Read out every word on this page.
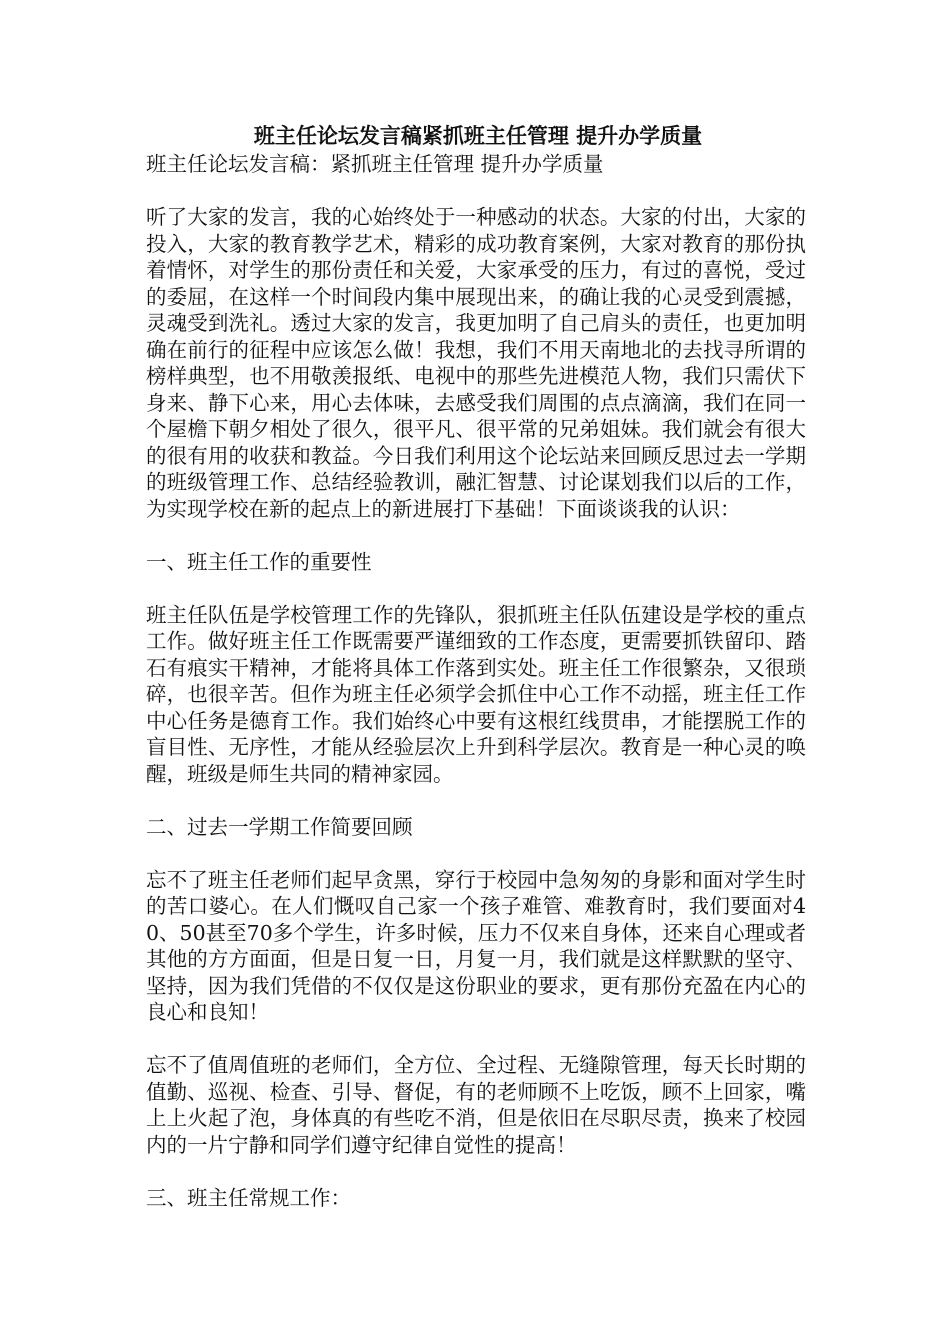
班主任论坛发言稿紧抓班主任管理 提升办学质量

班主任论坛发言稿：紧抓班主任管理 提升办学质量

听了大家的发言，我的心始终处于一种感动的状态。大家的付出，大家的投入，大家的教育教学艺术，精彩的成功教育案例，大家对教育的那份执着情怀，对学生的那份责任和关爱，大家承受的压力，有过的喜悦，受过的委屈，在这样一个时间段内集中展现出来，的确让我的心灵受到震撼，灵魂受到洗礼。透过大家的发言，我更加明了自己肩头的责任，也更加明确在前行的征程中应该怎么做！我想，我们不用天南地北的去找寻所谓的榜样典型，也不用敬羡报纸、电视中的那些先进模范人物，我们只需伏下身来、静下心来，用心去体味，去感受我们周围的点点滴滴，我们在同一个屋檐下朝夕相处了很久，很平凡、很平常的兄弟姐妹。我们就会有很大的很有用的收获和教益。今日我们利用这个论坛站来回顾反思过去一学期的班级管理工作、总结经验教训，融汇智慧、讨论谋划我们以后的工作，为实现学校在新的起点上的新进展打下基础！下面谈谈我的认识：

一、班主任工作的重要性

班主任队伍是学校管理工作的先锋队，狠抓班主任队伍建设是学校的重点工作。做好班主任工作既需要严谨细致的工作态度，更需要抓铁留印、踏石有痕实干精神，才能将具体工作落到实处。班主任工作很繁杂，又很琐碎，也很辛苦。但作为班主任必须学会抓住中心工作不动摇，班主任工作中心任务是德育工作。我们始终心中要有这根红线贯串，才能摆脱工作的盲目性、无序性，才能从经验层次上升到科学层次。教育是一种心灵的唤醒，班级是师生共同的精神家园。

二、过去一学期工作简要回顾

忘不了班主任老师们起早贪黑，穿行于校园中急匆匆的身影和面对学生时的苦口婆心。在人们慨叹自己家一个孩子难管、难教育时，我们要面对40、50甚至70多个学生，许多时候，压力不仅来自身体，还来自心理或者其他的方方面面，但是日复一日，月复一月，我们就是这样默默的坚守、坚持，因为我们凭借的不仅仅是这份职业的要求，更有那份充盈在内心的良心和良知！

忘不了值周值班的老师们，全方位、全过程、无缝隙管理，每天长时期的值勤、巡视、检查、引导、督促，有的老师顾不上吃饭，顾不上回家，嘴上上火起了泡，身体真的有些吃不消，但是依旧在尽职尽责，换来了校园内的一片宁静和同学们遵守纪律自觉性的提高！

三、班主任常规工作：
